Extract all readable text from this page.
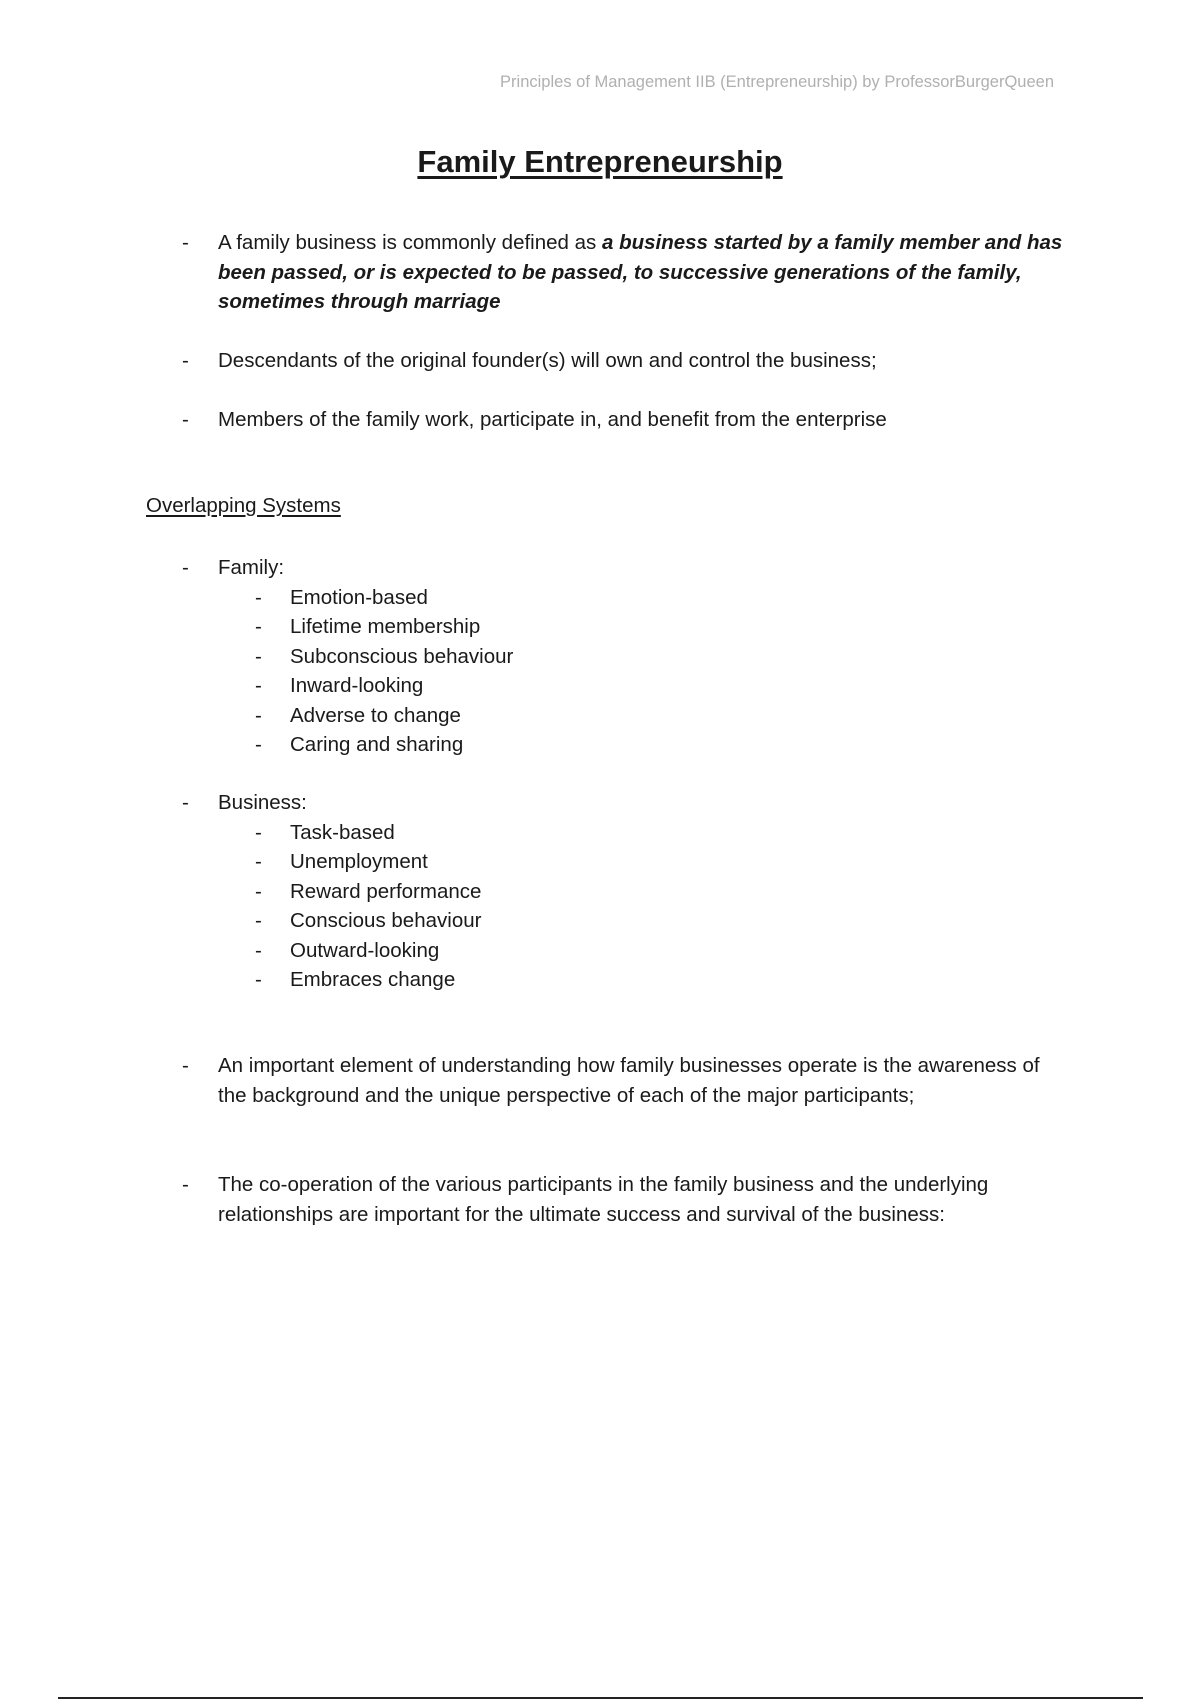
Principles of Management IIB (Entrepreneurship) by ProfessorBurgerQueen
Family Entrepreneurship

- A family business is commonly defined as a business started by a family member and has been passed, or is expected to be passed, to successive generations of the family, sometimes through marriage

- Descendants of the original founder(s) will own and control the business;

- Members of the family work, participate in, and benefit from the enterprise

Overlapping Systems

- Family:

- Emotion-based
- Lifetime membership
- Subconscious behaviour
- Inward-looking
- Adverse to change
- Caring and sharing

- Business:

- Task-based
- Unemployment
- Reward performance
- Conscious behaviour
- Outward-looking
- Embraces change

- An important element of understanding how family businesses operate is the awareness of the background and the unique perspective of each of the major participants;

- The co-operation of the various participants in the family business and the underlying relationships are important for the ultimate success and survival of the business:
